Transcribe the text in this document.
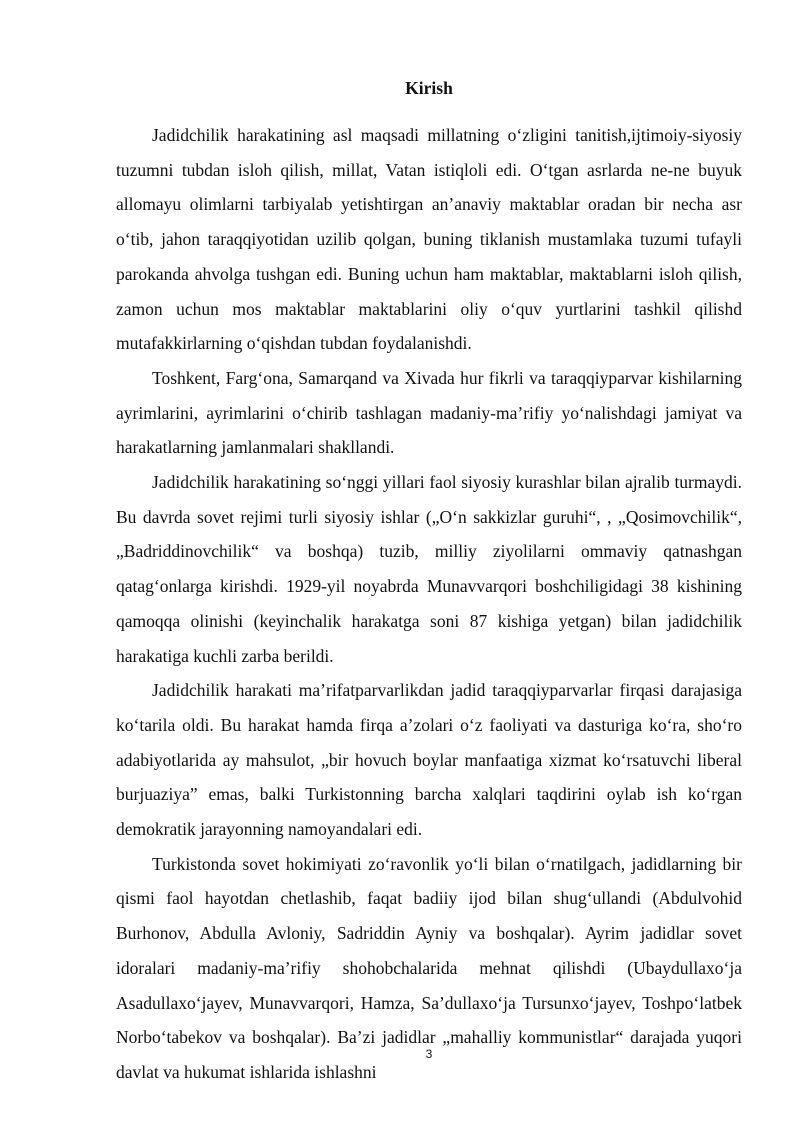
Kirish

Jadidchilik harakatining asl maqsadi millatning o‘zligini tanitish,ijtimoiy-siyosiy tuzumni tubdan isloh qilish, millat, Vatan istiqloli edi. O‘tgan asrlarda ne-ne buyuk allomayu olimlarni tarbiyalab yetishtirgan an’anaviy maktablar oradan bir necha asr o‘tib, jahon taraqqiyotidan uzilib qolgan, buning tiklanish mustamlaka tuzumi tufayli parokanda ahvolga tushgan edi. Buning uchun ham maktablar, maktablarni isloh qilish, zamon uchun mos maktablar maktablarini oliy o‘quv yurtlarini tashkil qilishd mutafakkirlarning o‘qishdan tubdan foydalanishdi.

Toshkent, Farg‘ona, Samarqand va Xivada hur fikrli va taraqqiyparvar kishilarning ayrimlarini, ayrimlarini o‘chirib tashlagan madaniy-ma’rifiy yo‘nalishdagi jamiyat va harakatlarning jamlanmalari shakllandi.

Jadidchilik harakatining so‘nggi yillari faol siyosiy kurashlar bilan ajralib turmaydi. Bu davrda sovet rejimi turli siyosiy ishlar („O‘n sakkizlar guruhi“, , „Qosimovchilik“, „Badriddinovchilik“ va boshqa) tuzib, milliy ziyolilarni ommaviy qatnashgan qatag‘onlarga kirishdi. 1929-yil noyabrda Munavvarqori boshchiligidagi 38 kishining qamoqqa olinishi (keyinchalik harakatga soni 87 kishiga yetgan) bilan jadidchilik harakatiga kuchli zarba berildi.

Jadidchilik harakati ma’rifatparvarlikdan jadid taraqqiyparvarlar firqasi darajasiga ko‘tarila oldi. Bu harakat hamda firqa a’zolari o‘z faoliyati va dasturiga ko‘ra, sho‘ro adabiyotlarida ay mahsulot, „bir hovuch boylar manfaatiga xizmat ko‘rsatuvchi liberal burjuaziya” emas, balki Turkistonning barcha xalqlari taqdirini oylab ish ko‘rgan demokratik jarayonning namoyandalari edi.

Turkistonda sovet hokimiyati zo‘ravonlik yo‘li bilan o‘rnatilgach, jadidlarning bir qismi faol hayotdan chetlashib, faqat badiiy ijod bilan shug‘ullandi (Abdulvohid Burhonov, Abdulla Avloniy, Sadriddin Ayniy va boshqalar). Ayrim jadidlar sovet idoralari madaniy-ma’rifiy shohobchalarida mehnat qilishdi (Ubaydullaxo‘ja Asadullaxo‘jayev, Munavvarqori, Hamza, Sa’dullaxo‘ja Tursunxo‘jayev, Toshpo‘latbek Norbo‘tabekov va boshqalar). Ba’zi jadidlar „mahalliy kommunistlar“ darajada yuqori davlat va hukumat ishlarida ishlashni

3
